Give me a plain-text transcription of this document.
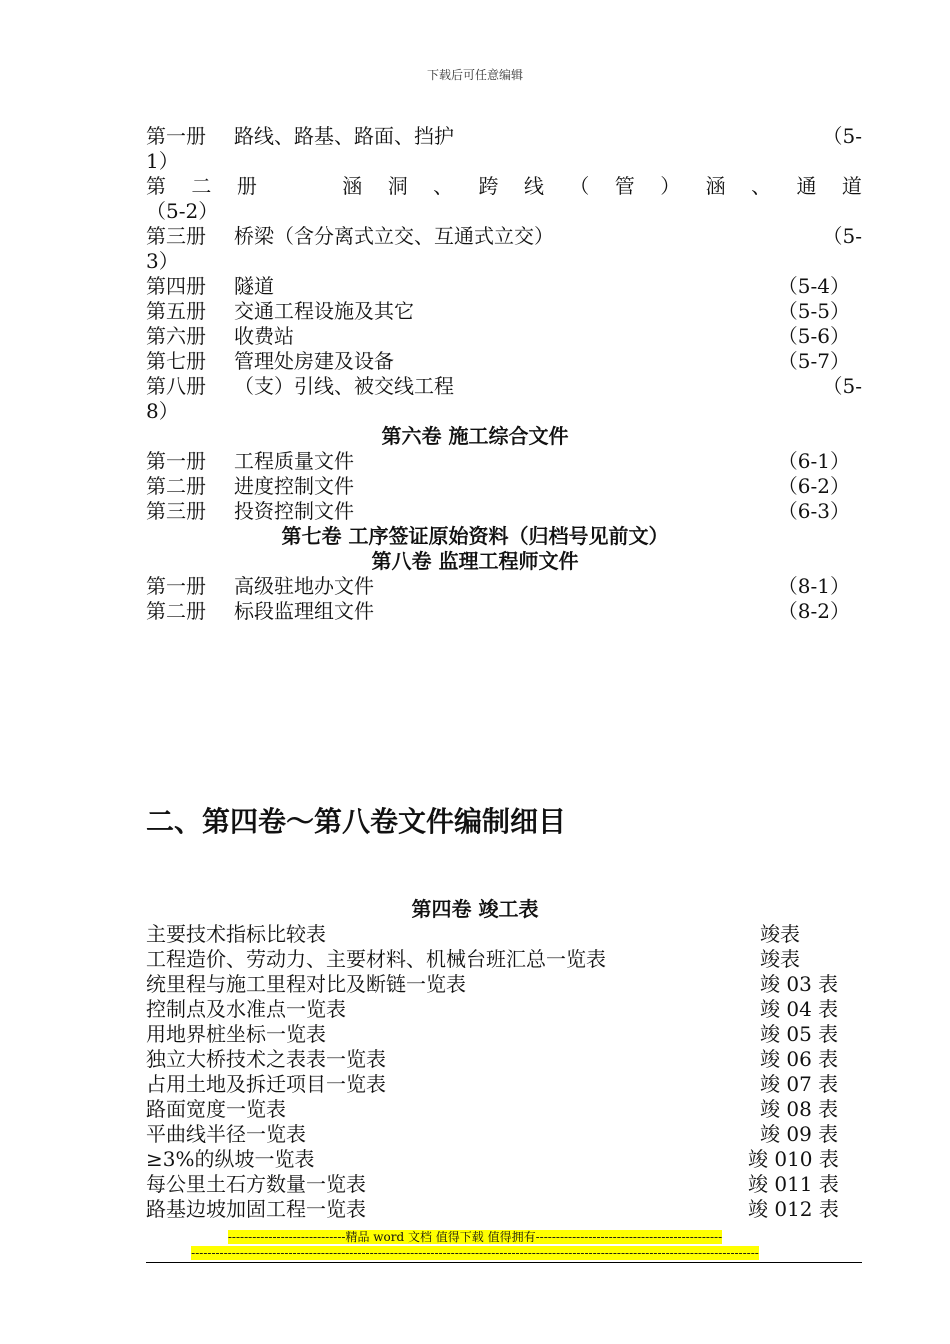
下载后可任意编辑
第一册 路线、路基、路面、挡护	（5-
1）
第 二 册	涵 洞 、 跨 线 （ 管 ） 涵 、 通 道
（5-2）
第三册 桥梁（含分离式立交、互通式立交）	（5-
3）
第四册 隧道	（5-4）
第五册 交通工程设施及其它	（5-5）
第六册 收费站	（5-6）
第七册 管理处房建及设备	（5-7）
第八册 （支）引线、被交线工程	（5-
8）
第六卷 施工综合文件
第一册 工程质量文件	（6-1）
第二册 进度控制文件	（6-2）
第三册 投资控制文件	（6-3）
第七卷 工序签证原始资料（归档号见前文）
第八卷 监理工程师文件
第一册 高级驻地办文件	（8-1）
第二册 标段监理组文件	（8-2）
二、第四卷～第八卷文件编制细目
第四卷 竣工表
主要技术指标比较表	竣表
工程造价、劳动力、主要材料、机械台班汇总一览表	竣表
统里程与施工里程对比及断链一览表	竣 03 表
控制点及水准点一览表	竣 04 表
用地界桩坐标一览表	竣 05 表
独立大桥技术之表表一览表	竣 06 表
占用土地及拆迁项目一览表	竣 07 表
路面宽度一览表	竣 08 表
平曲线半径一览表	竣 09 表
≥3%的纵坡一览表	竣 010 表
每公里土石方数量一览表	竣 011 表
路基边坡加固工程一览表	竣 012 表
-----------------------------精品 word 文档 值得下载 值得拥有----------------------------------------------
--------------------------------------------------------------------------------------------------------------------------------------------
